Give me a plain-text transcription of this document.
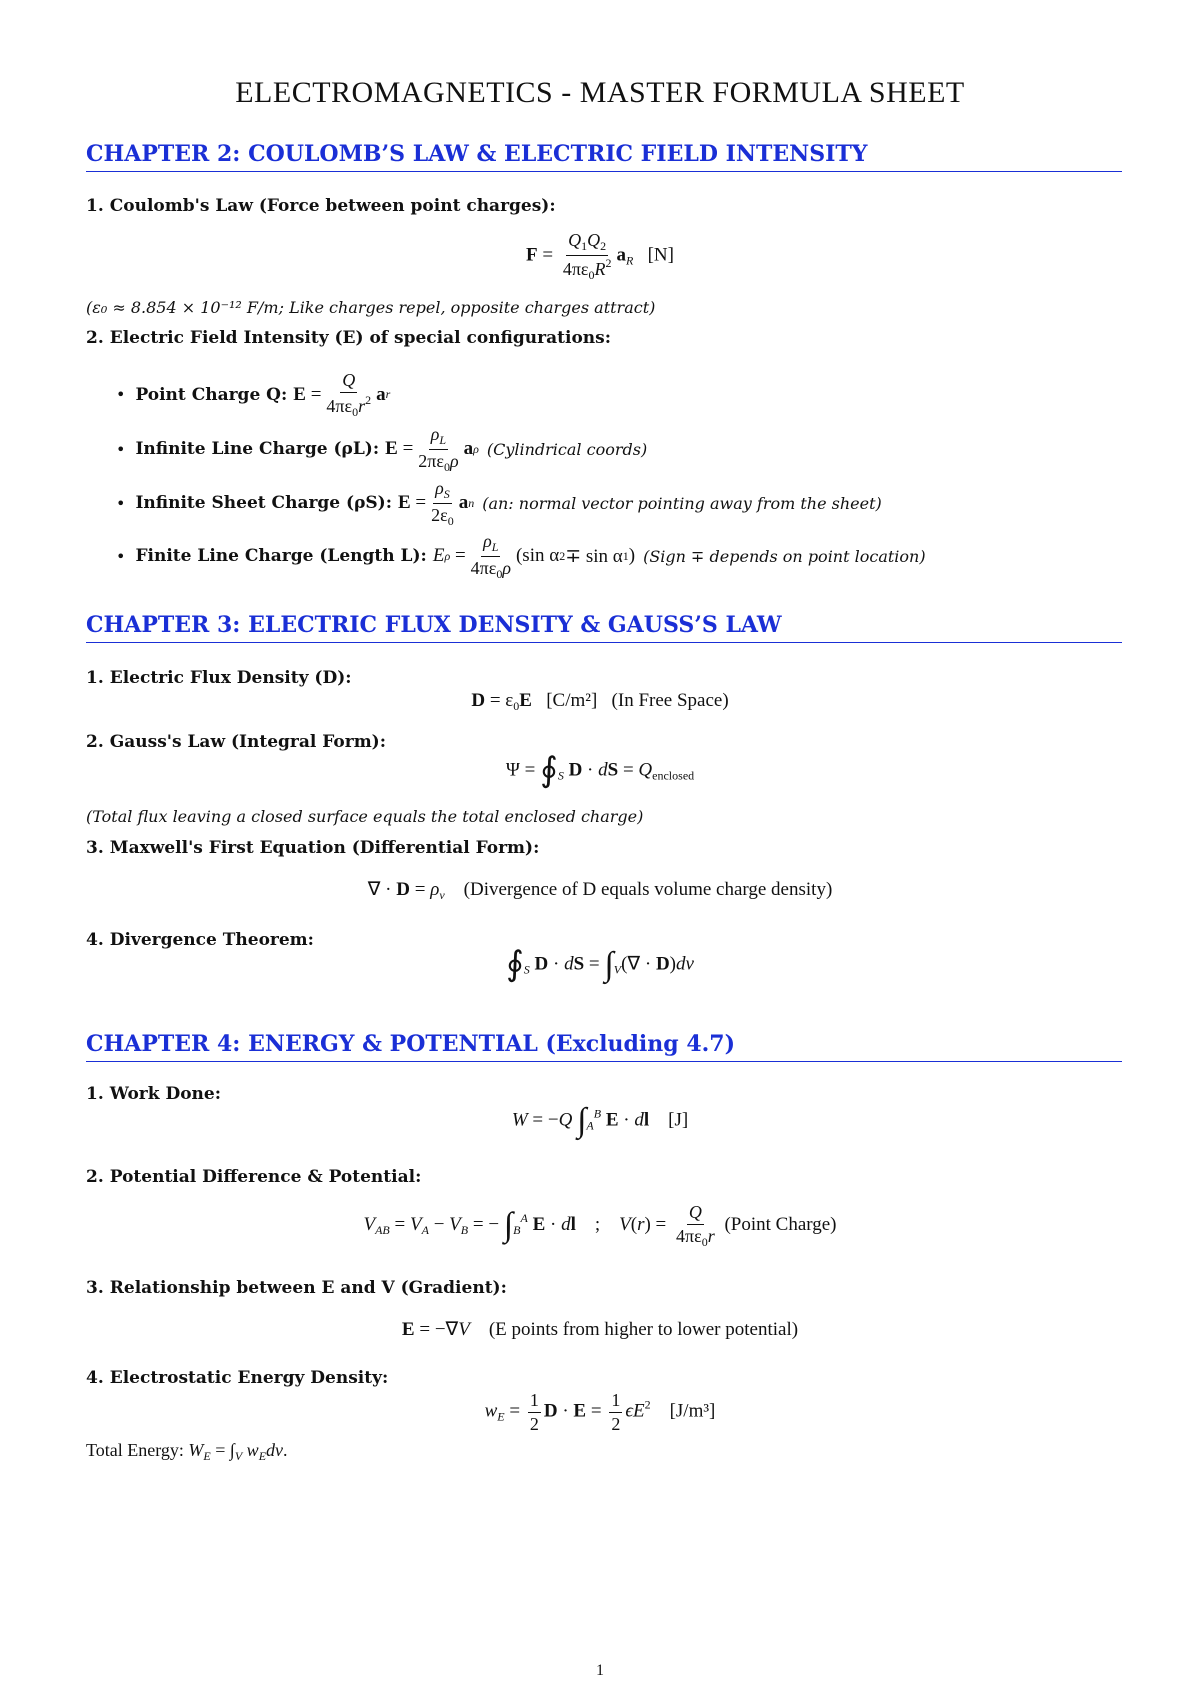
ELECTROMAGNETICS - MASTER FORMULA SHEET
CHAPTER 2: COULOMB’S LAW & ELECTRIC FIELD INTENSITY
1. Coulomb's Law (Force between point charges):
$F = \frac{Q_1Q_2}{4\pi\varepsilon_0R^2} a_R$ [N]
(ε₀ ≈ 8.854 × 10⁻¹² F/m; Like charges repel, opposite charges attract)
2. Electric Field Intensity (E) of special configurations:
• Point Charge Q: $E = \frac{Q}{4\pi\varepsilon_0r^2}$ a r
• Infinite Line Charge (ρL): $E = \frac{\rho_L}{2\pi\varepsilon_0\rho}$ a ρ (Cylindrical coords)
• Infinite Sheet Charge (ρS): $E = \frac{\rho_S}{2\varepsilon_0}$ a n (an: normal vector pointing away from the sheet)
• Finite Line Charge (Length L): E $\rho = \frac{\rho_L}{4\pi\varepsilon_0\rho} (\sin$ α 2 ∓ sin α 1 ) (Sign ∓ depends on point location)
CHAPTER 3: ELECTRIC FLUX DENSITY & GAUSS’S LAW
1. Electric Flux Density (D):
$D = \varepsilon_0E$ [C/m²] (In Free Space)
2. Gauss's Law (Integral Form):
$\Psi = ∮_S$ D · dS = $Q_{enclosed}$
(Total flux leaving a closed surface equals the total enclosed charge)
3. Maxwell's First Equation (Differential Form):
∇ · $D = \rho_v$ (Divergence of D equals volume charge density)
4. Divergence Theorem:
$∮_S$ D · dS = $\int_V(\nabla \cdot D)dv$
CHAPTER 4: ENERGY & POTENTIAL (Excluding 4.7)
1. Work Done:
W = −Q $\int_A^B$ E · dl [J]
2. Potential Difference & Potential:
$V_{AB} = V_A - V_B$ = − $\int_B^A$ E · dl    ;    $V(r) = \frac{Q}{4\pi\varepsilon_0r}$ (Point Charge)
3. Relationship between E and V (Gradient):
E = −∇V (E points from higher to lower potential)
4. Electrostatic Energy Density:
$w_E = \frac{1}{2}$ $D \cdot E = \frac{1}{2} \epsilon E^2$ [J/m³]
Total Energy: $W_E = \int_V$ $w_Edv$.
1
